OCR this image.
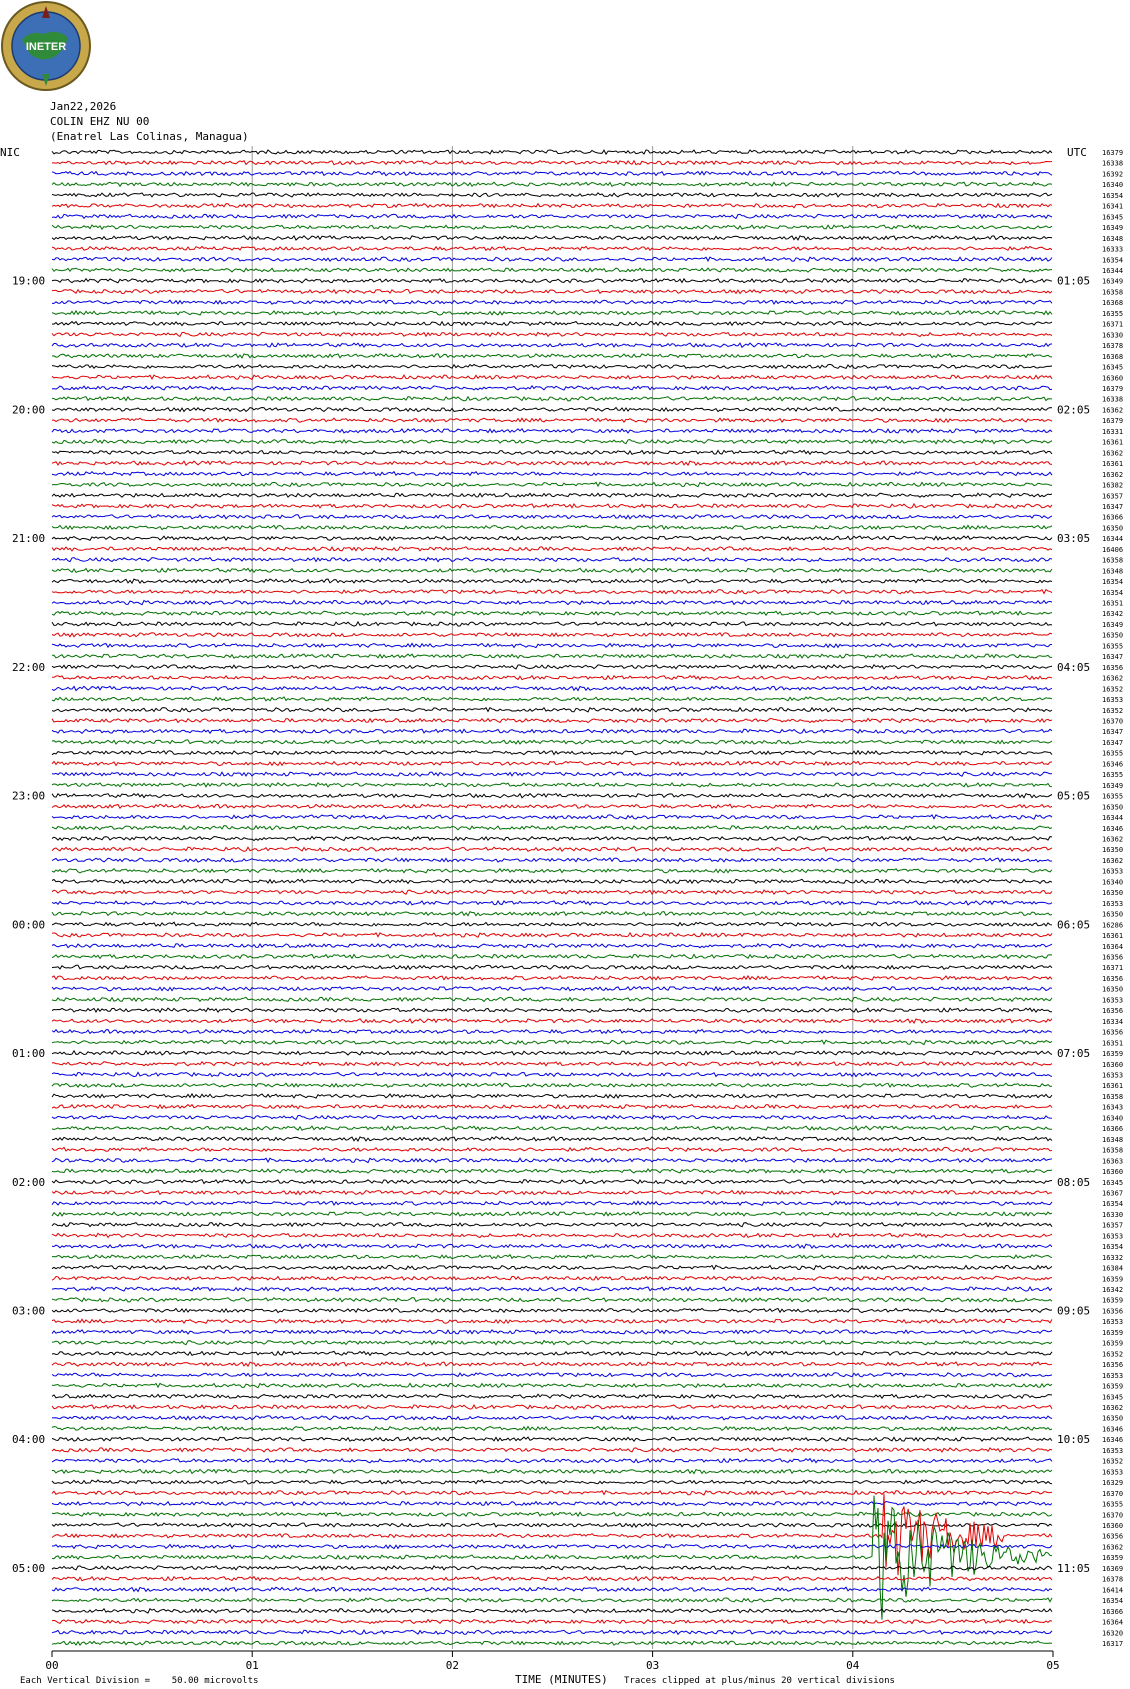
00	01	02	03	04	05
19:00
20:00
21:00
22:00
23:00
00:00
01:00
02:00
03:00
04:00
05:00
01:05
02:05
03:05
04:05
05:05
06:05
07:05
08:05
09:05
10:05
11:05
16379
16338
16392
16340
16354
16341
16345
16349
16348
16333
16354
16344
16349
16358
16368
16355
16371
16330
16378
16368
16345
16360
16379
16338
16362
16379
16331
16361
16362
16361
16362
16382
16357
16347
16366
16350
16344
16406
16358
16348
16354
16354
16351
16342
16349
16350
16355
16347
16356
16362
16352
16353
16352
16370
16347
16347
16355
16346
16355
16349
16355
16350
16344
16346
16362
16350
16362
16353
16340
16350
16353
16350
16286
16361
16364
16356
16371
16356
16350
16353
16356
16334
16356
16351
16359
16360
16353
16361
16358
16343
16340
16366
16348
16358
16363
16360
16345
16367
16354
16330
16357
16353
16354
16332
16384
16359
16342
16359
16356
16353
16359
16359
16352
16356
16353
16359
16345
16362
16350
16346
16346
16353
16352
16353
16329
16370
16355
16370
16360
16356
16362
16359
16369
16378
16414
16354
16366
16364
16320
16317
INETER
Jan22,2026
COLIN EHZ NU 00
(Enatrel Las Colinas, Managua)
NIC	UTC
Each Vertical Division =    50.00 microvolts	TIME (MINUTES) Traces clipped at plus/minus 20 vertical divisions
